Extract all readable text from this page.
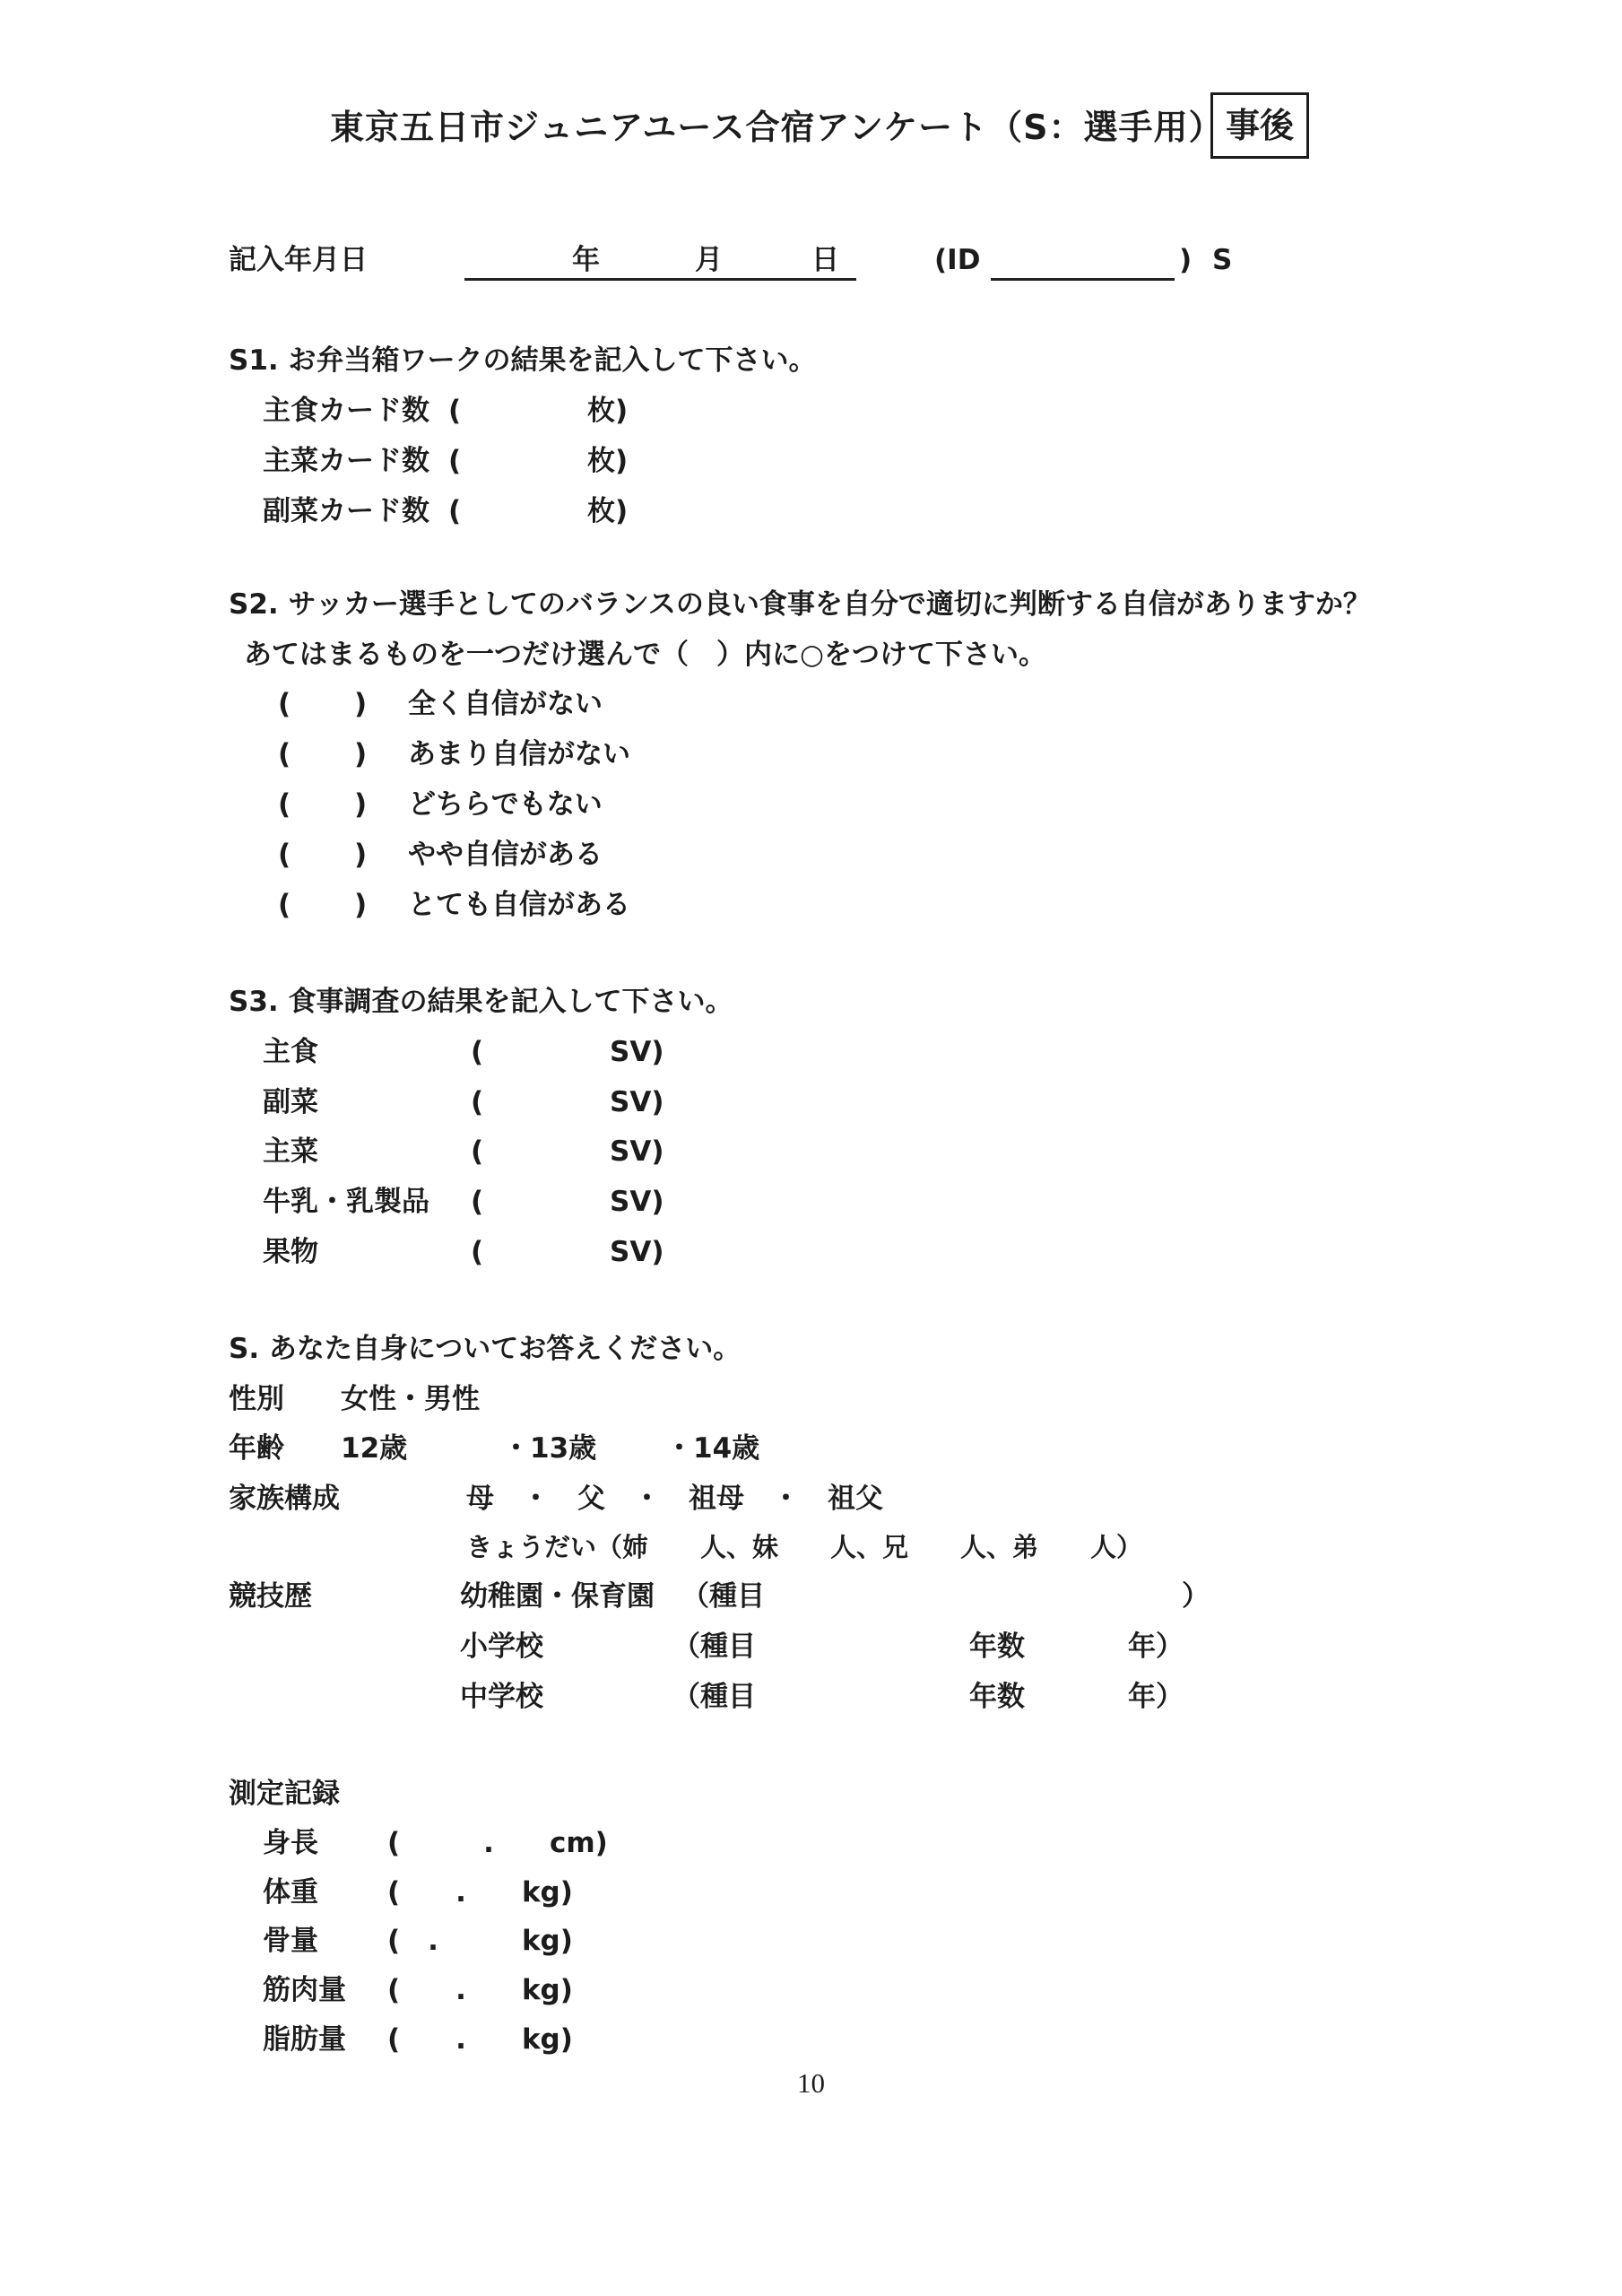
東京五日市ジュニアユース合宿アンケート（S：選手用） 事後
記入年月日	年	月	日	(ID	) S
S1. お弁当箱ワークの結果を記入して下さい。
主食カード数 (	枚)
主菜カード数 (	枚)
副菜カード数 (	枚)
S2. サッカー選手としてのバランスの良い食事を自分で適切に判断する自信がありますか？
あてはまるものを一つだけ選んで（　）内に○をつけて下さい。
( ) 全く自信がない
( ) あまり自信がない
( ) どちらでもない
( ) やや自信がある
( ) とても自信がある
S3. 食事調査の結果を記入して下さい。
主食	(	SV)
副菜	(	SV)
主菜	(	SV)
牛乳・乳製品 (	SV)
果物	(	SV)
S. あなた自身についてお答えください。
性別 女性・男性
年齢 12歳	・13歳 ・14歳
家族構成	母　・　父　・　祖母　・　祖父
きょうだい（姉　　人、妹　　人、兄　　人、弟　　人）
競技歴	幼稚園・保育園 （種目	）
小学校	（種目	年数	年）
中学校	（種目	年数	年）
測定記録
身長 (　　　.　　cm)
体重 (　　.　　kg)
骨量 (　.　　　kg)
筋肉量 (　　.　　kg)
脂肪量 (　　.　　kg)
10
